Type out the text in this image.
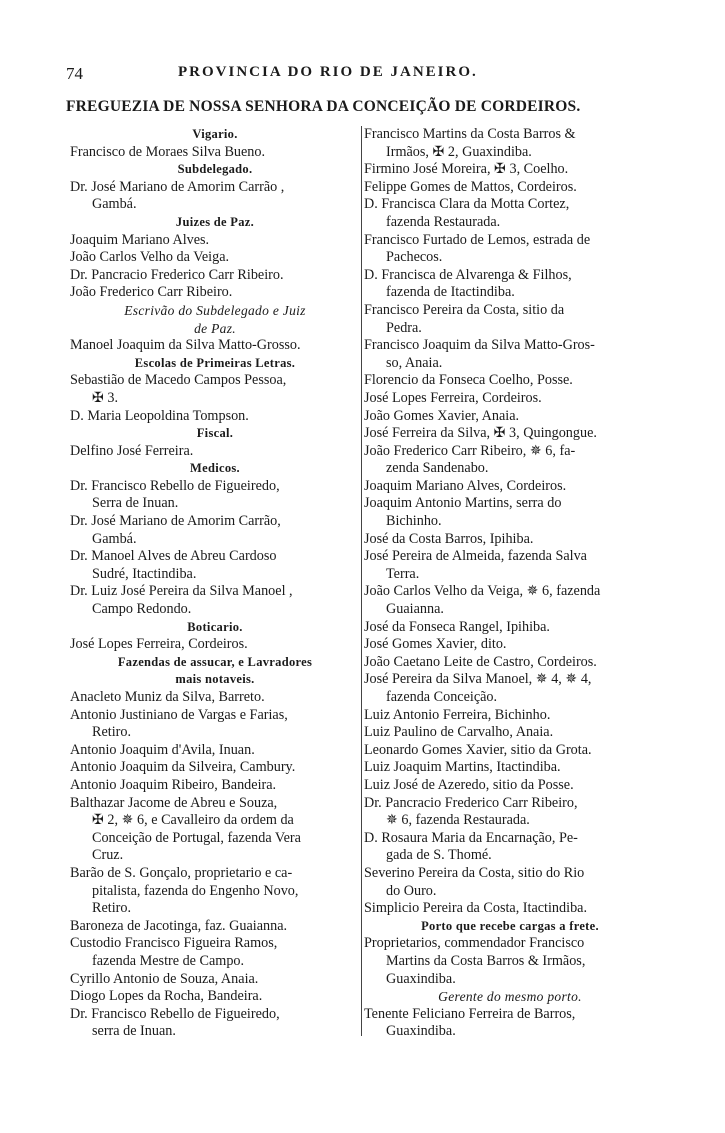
74	PROVINCIA DO RIO DE JANEIRO.
FREGUEZIA DE NOSSA SENHORA DA CONCEIÇÃO DE CORDEIROS.
Vigario.
Francisco de Moraes Silva Bueno.
Subdelegado.
Dr. José Mariano de Amorim Carrão ,
Gambá.
Juizes de Paz.
Joaquim Mariano Alves.
João Carlos Velho da Veiga.
Dr. Pancracio Frederico Carr Ribeiro.
João Frederico Carr Ribeiro.
Escrivão do Subdelegado e Juiz
de Paz.
Manoel Joaquim da Silva Matto-Grosso.
Escolas de Primeiras Letras.
Sebastião de Macedo Campos Pessoa,
✠ 3.
D. Maria Leopoldina Tompson.
Fiscal.
Delfino José Ferreira.
Medicos.
Dr. Francisco Rebello de Figueiredo,
Serra de Inuan.
Dr. José Mariano de Amorim Carrão,
Gambá.
Dr. Manoel Alves de Abreu Cardoso
Sudré, Itactindiba.
Dr. Luiz José Pereira da Silva Manoel ,
Campo Redondo.
Boticario.
José Lopes Ferreira, Cordeiros.
Fazendas de assucar, e Lavradores
mais notaveis.
Anacleto Muniz da Silva, Barreto.
Antonio Justiniano de Vargas e Farias,
Retiro.
Antonio Joaquim d'Avila, Inuan.
Antonio Joaquim da Silveira, Cambury.
Antonio Joaquim Ribeiro, Bandeira.
Balthazar Jacome de Abreu e Souza,
✠ 2, ✵ 6, e Cavalleiro da ordem da
Conceição de Portugal, fazenda Vera
Cruz.
Barão de S. Gonçalo, proprietario e ca-
pitalista, fazenda do Engenho Novo,
Retiro.
Baroneza de Jacotinga, faz. Guaianna.
Custodio Francisco Figueira Ramos,
fazenda Mestre de Campo.
Cyrillo Antonio de Souza, Anaia.
Diogo Lopes da Rocha, Bandeira.
Dr. Francisco Rebello de Figueiredo,
serra de Inuan.
Francisco Martins da Costa Barros &
Irmãos, ✠ 2, Guaxindiba.
Firmino José Moreira, ✠ 3, Coelho.
Felippe Gomes de Mattos, Cordeiros.
D. Francisca Clara da Motta Cortez,
fazenda Restaurada.
Francisco Furtado de Lemos, estrada de
Pachecos.
D. Francisca de Alvarenga & Filhos,
fazenda de Itactindiba.
Francisco Pereira da Costa, sitio da
Pedra.
Francisco Joaquim da Silva Matto-Gros-
so, Anaia.
Florencio da Fonseca Coelho, Posse.
José Lopes Ferreira, Cordeiros.
João Gomes Xavier, Anaia.
José Ferreira da Silva, ✠ 3, Quingongue.
João Frederico Carr Ribeiro, ✵ 6, fa-
zenda Sandenabo.
Joaquim Mariano Alves, Cordeiros.
Joaquim Antonio Martins, serra do
Bichinho.
José da Costa Barros, Ipihiba.
José Pereira de Almeida, fazenda Salva
Terra.
João Carlos Velho da Veiga, ✵ 6, fazenda
Guaianna.
José da Fonseca Rangel, Ipihiba.
José Gomes Xavier, dito.
João Caetano Leite de Castro, Cordeiros.
José Pereira da Silva Manoel, ✵ 4, ✵ 4,
fazenda Conceição.
Luiz Antonio Ferreira, Bichinho.
Luiz Paulino de Carvalho, Anaia.
Leonardo Gomes Xavier, sitio da Grota.
Luiz Joaquim Martins, Itactindiba.
Luiz José de Azeredo, sitio da Posse.
Dr. Pancracio Frederico Carr Ribeiro,
✵ 6, fazenda Restaurada.
D. Rosaura Maria da Encarnação, Pe-
gada de S. Thomé.
Severino Pereira da Costa, sitio do Rio
do Ouro.
Simplicio Pereira da Costa, Itactindiba.
Porto que recebe cargas a frete.
Proprietarios, commendador Francisco
Martins da Costa Barros & Irmãos,
Guaxindiba.
Gerente do mesmo porto.
Tenente Feliciano Ferreira de Barros,
Guaxindiba.
